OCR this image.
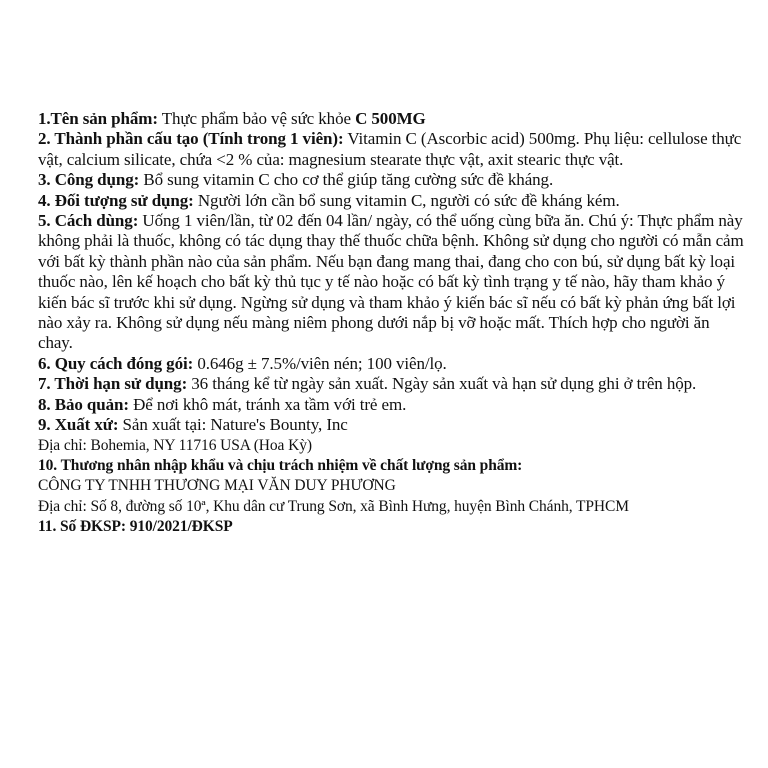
1.Tên sản phẩm: Thực phẩm bảo vệ sức khỏe C 500MG

2. Thành phần cấu tạo (Tính trong 1 viên): Vitamin C (Ascorbic acid) 500mg. Phụ liệu: cellulose thực vật, calcium silicate, chứa <2 % của: magnesium stearate thực vật, axit stearic thực vật.

3. Công dụng: Bổ sung vitamin C cho cơ thể giúp tăng cường sức đề kháng.

4. Đối tượng sử dụng: Người lớn cần bổ sung vitamin C, người có sức đề kháng kém.

5. Cách dùng: Uống 1 viên/lần, từ 02 đến 04 lần/ ngày, có thể uống cùng bữa ăn. Chú ý: Thực phẩm này không phải là thuốc, không có tác dụng thay thế thuốc chữa bệnh. Không sử dụng cho người có mẫn cảm với bất kỳ thành phần nào của sản phẩm. Nếu bạn đang mang thai, đang cho con bú, sử dụng bất kỳ loại thuốc nào, lên kế hoạch cho bất kỳ thủ tục y tế nào hoặc có bất kỳ tình trạng y tế nào, hãy tham khảo ý kiến bác sĩ trước khi sử dụng. Ngừng sử dụng và tham khảo ý kiến bác sĩ nếu có bất kỳ phản ứng bất lợi nào xảy ra. Không sử dụng nếu màng niêm phong dưới nắp bị vỡ hoặc mất. Thích hợp cho người ăn chay.

6. Quy cách đóng gói: 0.646g ± 7.5%/viên nén; 100 viên/lọ.

7. Thời hạn sử dụng: 36 tháng kể từ ngày sản xuất. Ngày sản xuất và hạn sử dụng ghi ở trên hộp.

8. Bảo quản: Để nơi khô mát, tránh xa tầm với trẻ em.

9. Xuất xứ: Sản xuất tại: Nature's Bounty, Inc

Địa chỉ: Bohemia, NY 11716 USA (Hoa Kỳ)

10. Thương nhân nhập khẩu và chịu trách nhiệm về chất lượng sản phẩm:

CÔNG TY TNHH THƯƠNG MẠI VĂN DUY PHƯƠNG

Địa chỉ: Số 8, đường số 10ª, Khu dân cư Trung Sơn, xã Bình Hưng, huyện Bình Chánh, TPHCM

11. Số ĐKSP: 910/2021/ĐKSP
